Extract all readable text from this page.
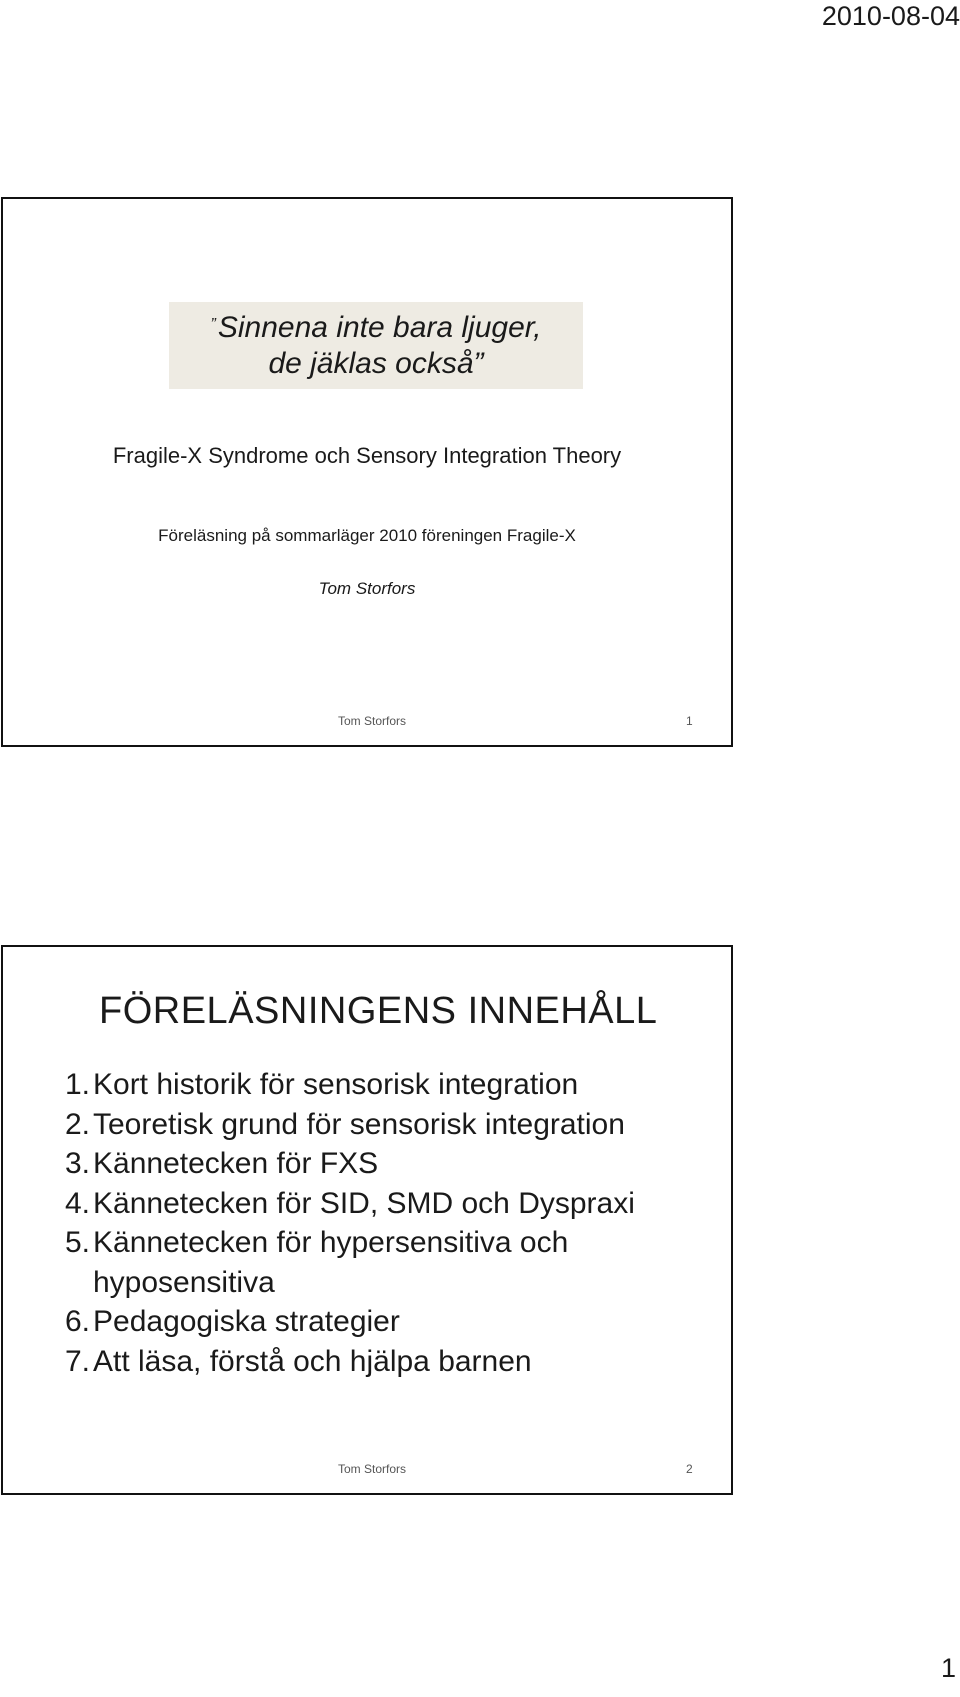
2010-08-04
”Sinnena inte bara ljuger,
de jäklas också”
Fragile-X Syndrome och Sensory Integration Theory
Föreläsning på sommarläger 2010 föreningen Fragile-X
Tom Storfors
Tom Storfors	1
FÖRELÄSNINGENS INNEHÅLL
1. Kort historik för sensorisk integration
2. Teoretisk grund för sensorisk integration
3. Kännetecken för FXS
4. Kännetecken för SID, SMD och Dyspraxi
5. Kännetecken för hypersensitiva och hyposensitiva
6. Pedagogiska strategier
7. Att läsa, förstå och hjälpa barnen
Tom Storfors	2
1
